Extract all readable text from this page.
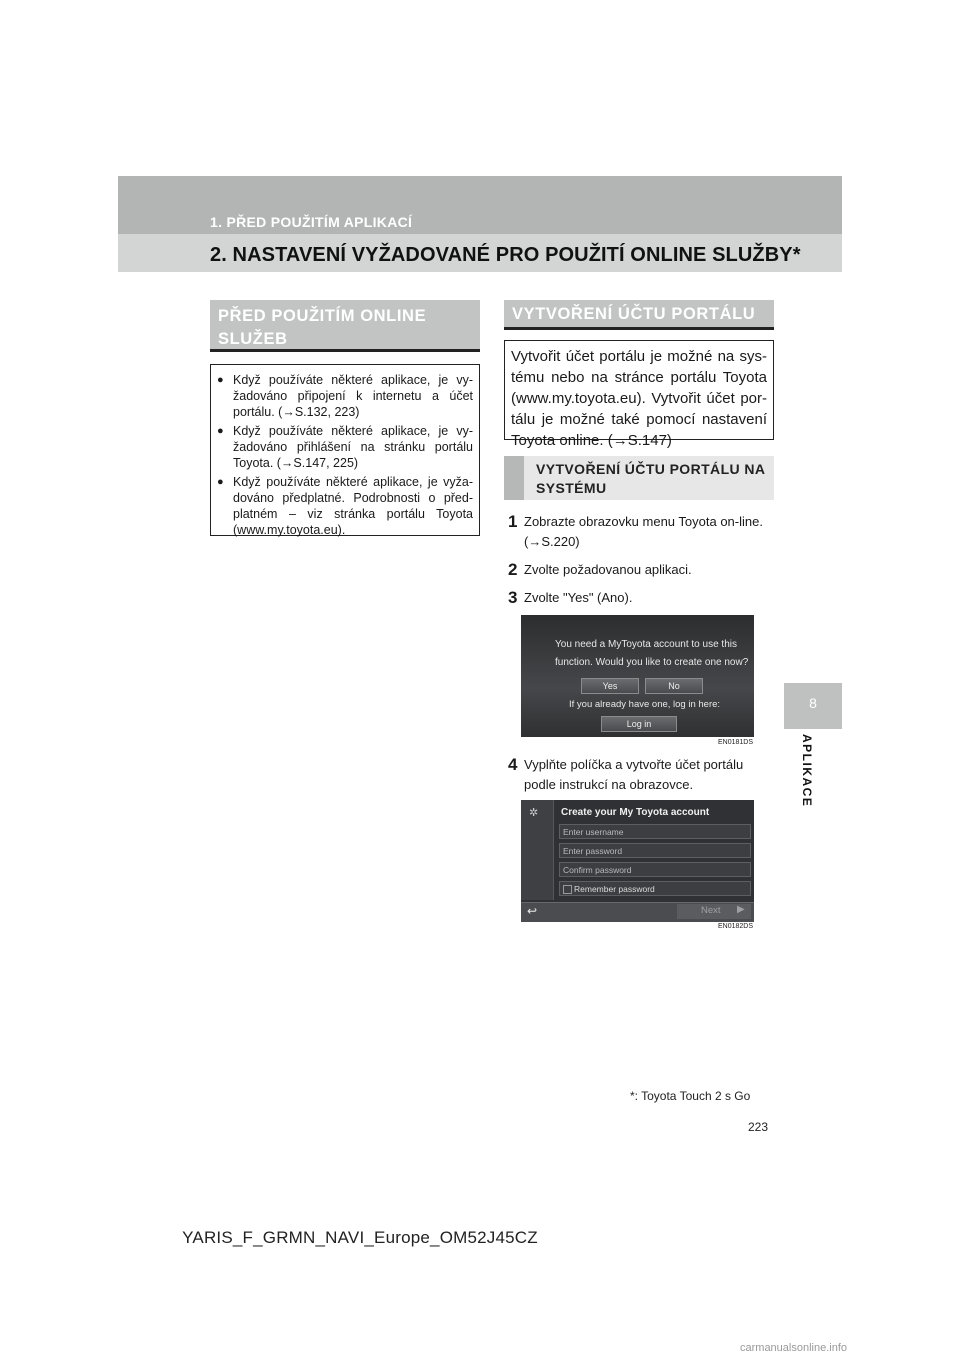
1. PŘED POUŽITÍM APLIKACÍ
2. NASTAVENÍ VYŽADOVANÉ PRO POUŽITÍ ONLINE SLUŽBY*
8
APLIKACE
PŘED POUŽITÍM ONLINE SLUŽEB
● Když používáte některé aplikace, je vy-žadováno připojení k internetu a účet portálu. (→S.132, 223)
● Když používáte některé aplikace, je vy-žadováno přihlášení na stránku portálu Toyota. (→S.147, 225)
● Když používáte některé aplikace, je vyža-dováno předplatné. Podrobnosti o před-platném – viz stránka portálu Toyota (www.my.toyota.eu).
VYTVOŘENÍ ÚČTU PORTÁLU
Vytvořit účet portálu je možné na sys-tému nebo na stránce portálu Toyota (www.my.toyota.eu). Vytvořit účet por-tálu je možné také pomocí nastavení Toyota online. (→S.147)
VYTVOŘENÍ ÚČTU PORTÁLU NA SYSTÉMU
1 Zobrazte obrazovku menu Toyota on-line. (→S.220)
2 Zvolte požadovanou aplikaci.
3 Zvolte "Yes" (Ano).
You need a MyToyota account to use this
function. Would you like to create one now?
Yes	No
If you already have one, log in here:
Log in
EN0181DS
4 Vyplňte políčka a vytvořte účet portálu podle instrukcí na obrazovce.
✲ Create your My Toyota account
Enter username
Enter password
Confirm password
Remember password
↩	Next ▶
EN0182DS
*: Toyota Touch 2 s Go
223
YARIS_F_GRMN_NAVI_Europe_OM52J45CZ
carmanualsonline.info
